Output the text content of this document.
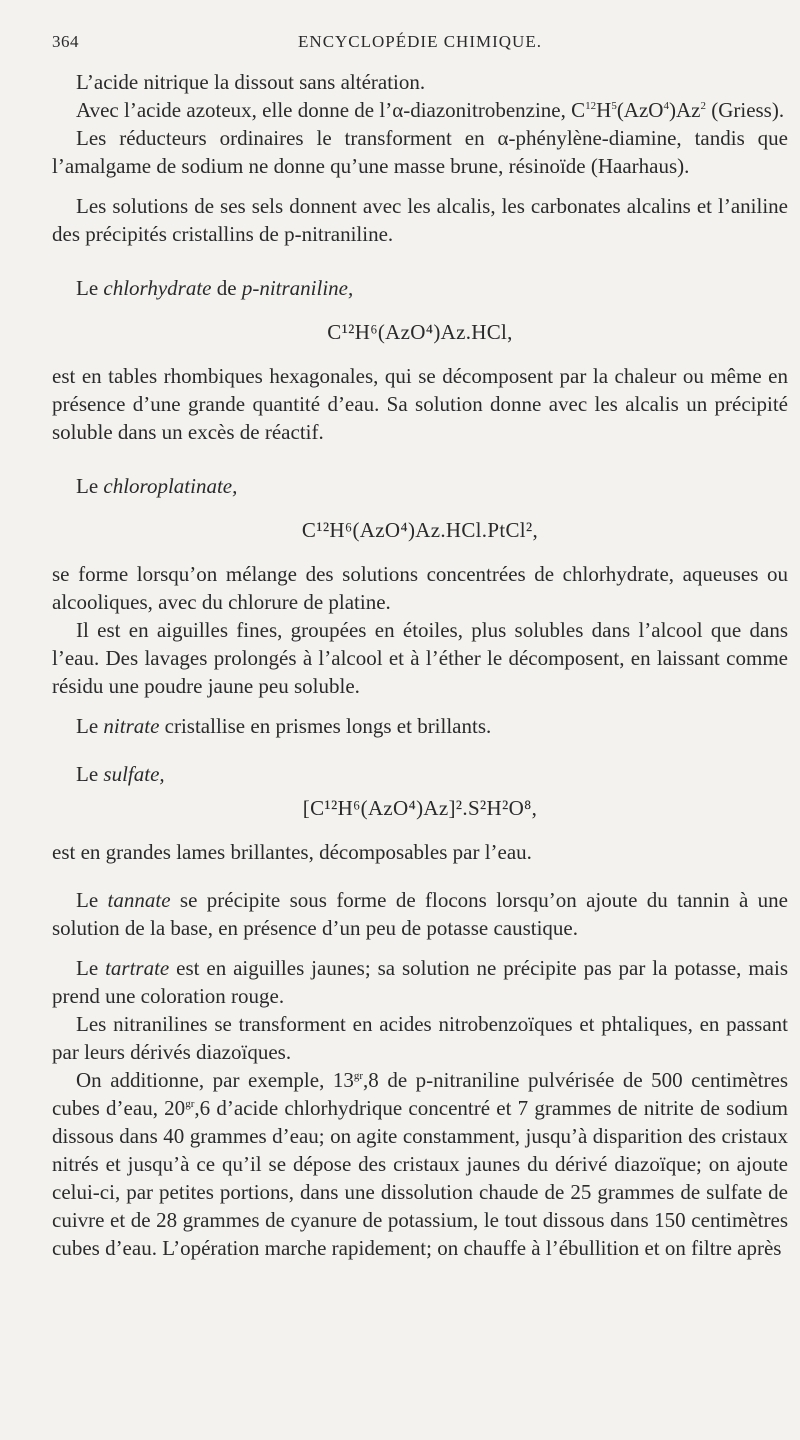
364	ENCYCLOPÉDIE CHIMIQUE.

L’acide nitrique la dissout sans altération.

Avec l’acide azoteux, elle donne de l’α-diazonitrobenzine, $C^{12}H^5(AzO^4)Az^2$ (Griess).

Les réducteurs ordinaires le transforment en α-phénylène-diamine, tandis que l’amalgame de sodium ne donne qu’une masse brune, résinoïde (Haarhaus).

Les solutions de ses sels donnent avec les alcalis, les carbonates alcalins et l’aniline des précipités cristallins de p-nitraniline.

Le chlorhydrate de p-nitraniline,

C¹²H⁶(AzO⁴)Az.HCl,

est en tables rhombiques hexagonales, qui se décomposent par la chaleur ou même en présence d’une grande quantité d’eau. Sa solution donne avec les alcalis un précipité soluble dans un excès de réactif.

Le chloroplatinate,

C¹²H⁶(AzO⁴)Az.HCl.PtCl²,

se forme lorsqu’on mélange des solutions concentrées de chlorhydrate, aqueuses ou alcooliques, avec du chlorure de platine.

Il est en aiguilles fines, groupées en étoiles, plus solubles dans l’alcool que dans l’eau. Des lavages prolongés à l’alcool et à l’éther le décomposent, en laissant comme résidu une poudre jaune peu soluble.

Le nitrate cristallise en prismes longs et brillants.

Le sulfate,

[C¹²H⁶(AzO⁴)Az]².S²H²O⁸,

est en grandes lames brillantes, décomposables par l’eau.

Le tannate se précipite sous forme de flocons lorsqu’on ajoute du tannin à une solution de la base, en présence d’un peu de potasse caustique.

Le tartrate est en aiguilles jaunes; sa solution ne précipite pas par la potasse, mais prend une coloration rouge.

Les nitranilines se transforment en acides nitrobenzoïques et phtaliques, en passant par leurs dérivés diazoïques.

On additionne, par exemple, $13^{gr},8$ de p-nitraniline pulvérisée de 500 centimètres cubes d’eau, $20^{gr},6$ d’acide chlorhydrique concentré et 7 grammes de nitrite de sodium dissous dans 40 grammes d’eau; on agite constamment, jusqu’à disparition des cristaux nitrés et jusqu’à ce qu’il se dépose des cristaux jaunes du dérivé diazoïque; on ajoute celui-ci, par petites portions, dans une dissolution chaude de 25 grammes de sulfate de cuivre et de 28 grammes de cyanure de potassium, le tout dissous dans 150 centimètres cubes d’eau. L’opération marche rapidement; on chauffe à l’ébullition et on filtre après
